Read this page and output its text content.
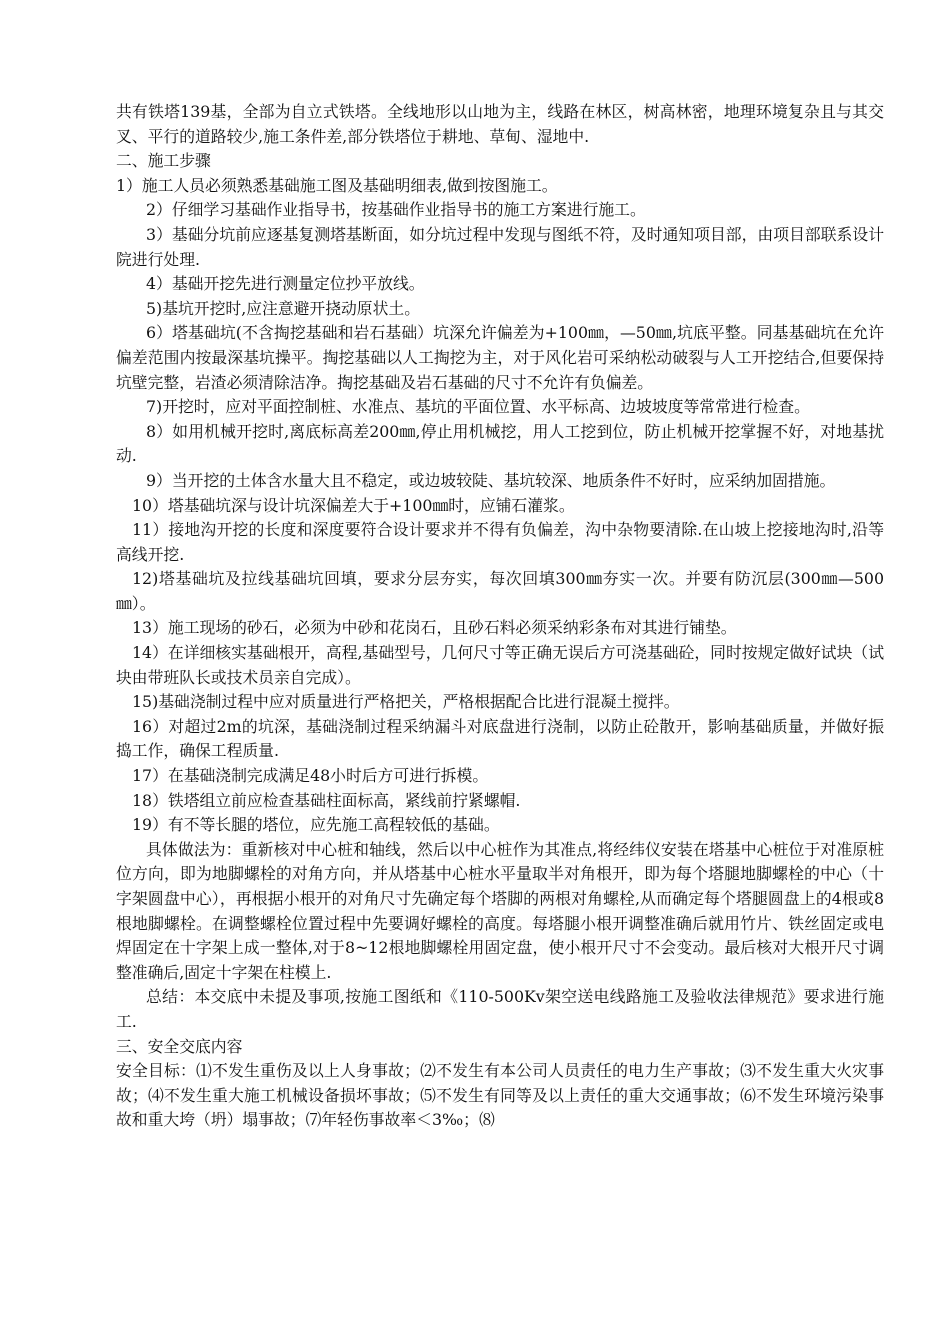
共有铁塔139基，全部为自立式铁塔。全线地形以山地为主，线路在林区，树高林密，地理环境复杂且与其交叉、平行的道路较少,施工条件差,部分铁塔位于耕地、草甸、湿地中.

二、施工步骤

1）施工人员必须熟悉基础施工图及基础明细表,做到按图施工。

2）仔细学习基础作业指导书，按基础作业指导书的施工方案进行施工。

3）基础分坑前应逐基复测塔基断面，如分坑过程中发现与图纸不符，及时通知项目部，由项目部联系设计院进行处理.

4）基础开挖先进行测量定位抄平放线。

5)基坑开挖时,应注意避开挠动原状土。

6）塔基础坑(不含掏挖基础和岩石基础）坑深允许偏差为+100㎜，—50㎜,坑底平整。同基基础坑在允许偏差范围内按最深基坑操平。掏挖基础以人工掏挖为主，对于风化岩可采纳松动破裂与人工开挖结合,但要保持坑壁完整，岩渣必须清除洁净。掏挖基础及岩石基础的尺寸不允许有负偏差。

7)开挖时，应对平面控制桩、水准点、基坑的平面位置、水平标高、边坡坡度等常常进行检查。

8）如用机械开挖时,离底标高差200㎜,停止用机械挖，用人工挖到位，防止机械开挖掌握不好，对地基扰动.

9）当开挖的土体含水量大且不稳定，或边坡较陡、基坑较深、地质条件不好时，应采纳加固措施。

10）塔基础坑深与设计坑深偏差大于+100㎜时，应铺石灌浆。

11）接地沟开挖的长度和深度要符合设计要求并不得有负偏差，沟中杂物要清除.在山坡上挖接地沟时,沿等高线开挖.

12)塔基础坑及拉线基础坑回填，要求分层夯实，每次回填300㎜夯实一次。并要有防沉层(300㎜—500㎜）。

13）施工现场的砂石，必须为中砂和花岗石，且砂石料必须采纳彩条布对其进行铺垫。

14）在详细核实基础根开，高程,基础型号，几何尺寸等正确无误后方可浇基础砼，同时按规定做好试块（试块由带班队长或技术员亲自完成）。

15)基础浇制过程中应对质量进行严格把关，严格根据配合比进行混凝土搅拌。

16）对超过2m的坑深，基础浇制过程采纳漏斗对底盘进行浇制，以防止砼散开，影响基础质量，并做好振捣工作，确保工程质量.

17）在基础浇制完成满足48小时后方可进行拆模。

18）铁塔组立前应检查基础柱面标高，紧线前拧紧螺帽.

19）有不等长腿的塔位，应先施工高程较低的基础。

具体做法为：重新核对中心桩和轴线，然后以中心桩作为其准点,将经纬仪安装在塔基中心桩位于对准原桩位方向，即为地脚螺栓的对角方向，并从塔基中心桩水平量取半对角根开，即为每个塔腿地脚螺栓的中心（十字架圆盘中心），再根据小根开的对角尺寸先确定每个塔脚的两根对角螺栓,从而确定每个塔腿圆盘上的4根或8根地脚螺栓。在调整螺栓位置过程中先要调好螺栓的高度。每塔腿小根开调整准确后就用竹片、铁丝固定或电焊固定在十字架上成一整体,对于8~12根地脚螺栓用固定盘，使小根开尺寸不会变动。最后核对大根开尺寸调整准确后,固定十字架在柱模上.

总结：本交底中未提及事项,按施工图纸和《110-500Kv架空送电线路施工及验收法律规范》要求进行施工.

三、安全交底内容

安全目标：⑴不发生重伤及以上人身事故；⑵不发生有本公司人员责任的电力生产事故；⑶不发生重大火灾事故；⑷不发生重大施工机械设备损坏事故；⑸不发生有同等及以上责任的重大交通事故；⑹不发生环境污染事故和重大垮（坍）塌事故；⑺年轻伤事故率＜3‰；⑻
